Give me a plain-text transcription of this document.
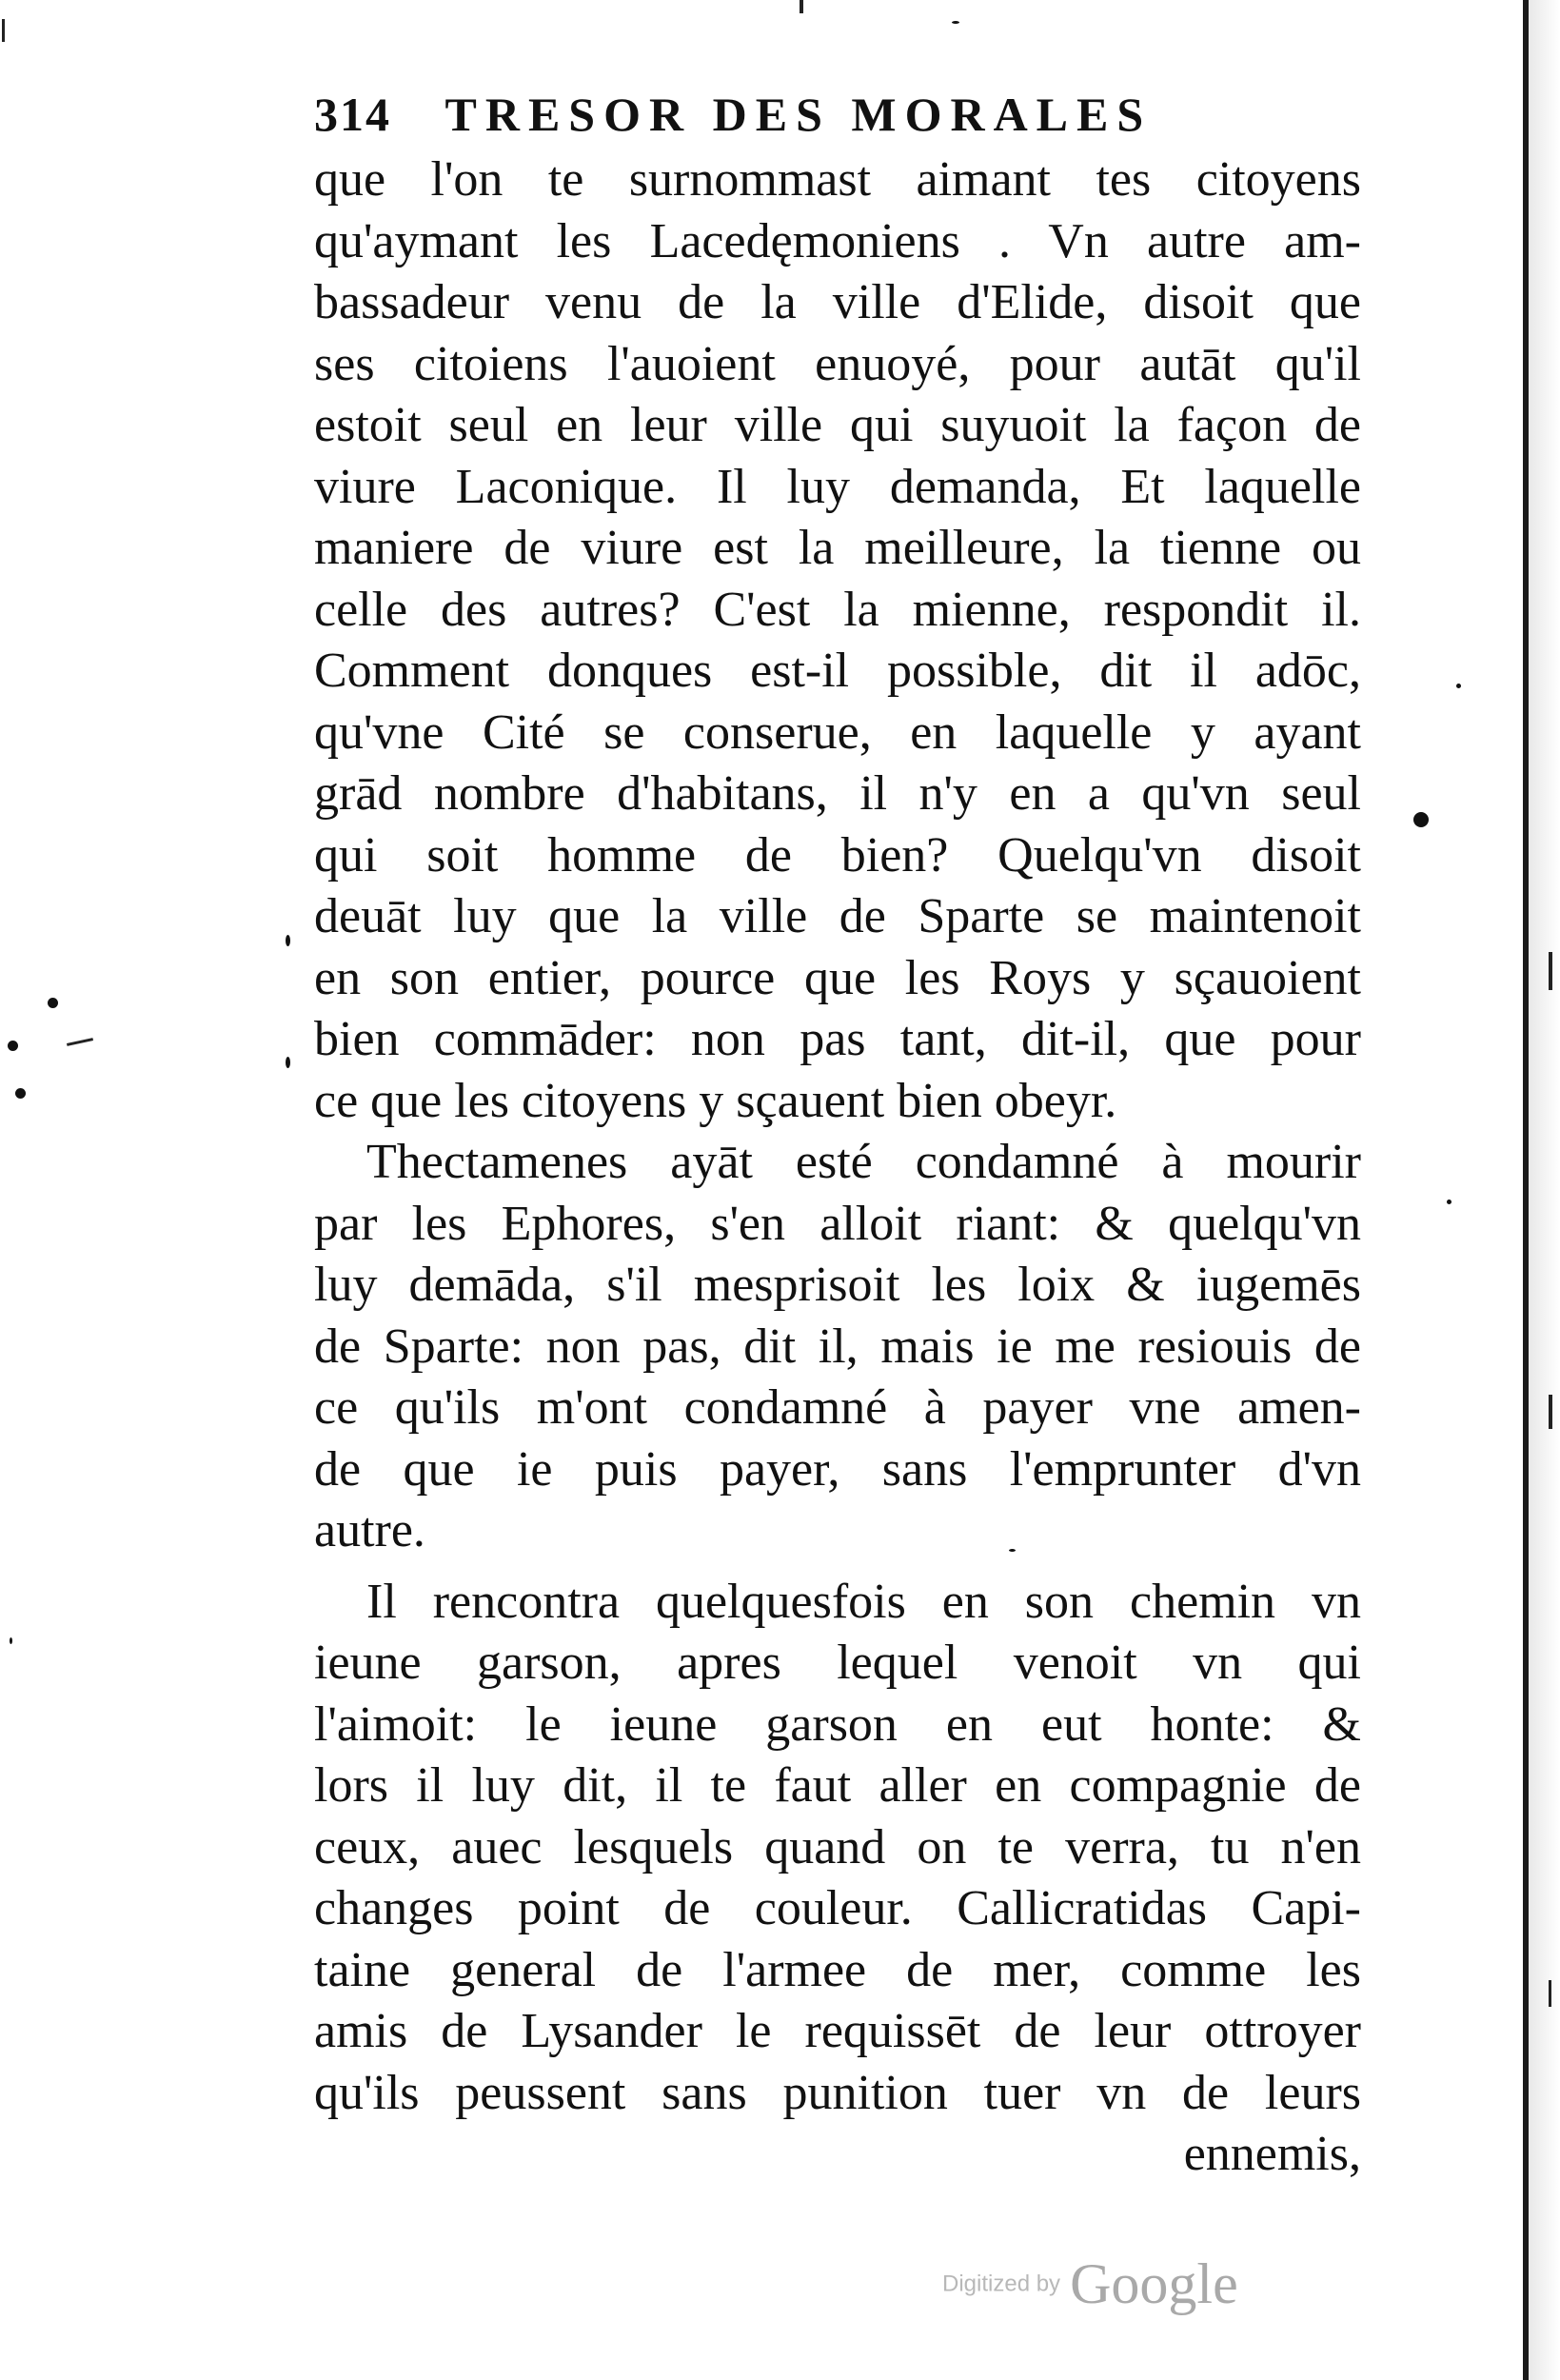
314 TRESOR DES MORALES
que l'on te surnommast aimant tes citoyens
qu'aymant les Lacedęmoniens . Vn autre am-
bassadeur venu de la ville d'Elide, disoit que
ses citoiens l'auoient enuoyé, pour autāt qu'il
estoit seul en leur ville qui suyuoit la façon de
viure Laconique. Il luy demanda, Et laquelle
maniere de viure est la meilleure, la tienne ou
celle des autres? C'est la mienne, respondit il.
Comment donques est-il possible, dit il adōc,
qu'vne Cité se conserue, en laquelle y ayant
grād nombre d'habitans, il n'y en a qu'vn seul
qui soit homme de bien? Quelqu'vn disoit
deuāt luy que la ville de Sparte se maintenoit
en son entier, pource que les Roys y sçauoient
bien commāder: non pas tant, dit-il, que pour
ce que les citoyens y sçauent bien obeyr.
Thectamenes ayāt esté condamné à mourir
par les Ephores, s'en alloit riant: & quelqu'vn
luy demāda, s'il mesprisoit les loix & iugemēs
de Sparte: non pas, dit il, mais ie me resiouis de
ce qu'ils m'ont condamné à payer vne amen-
de que ie puis payer, sans l'emprunter d'vn
autre.
Il rencontra quelquesfois en son chemin vn
ieune garson, apres lequel venoit vn qui
l'aimoit: le ieune garson en eut honte: &
lors il luy dit, il te faut aller en compagnie de
ceux, auec lesquels quand on te verra, tu n'en
changes point de couleur. Callicratidas Capi-
taine general de l'armee de mer, comme les
amis de Lysander le requissēt de leur ottroyer
qu'ils peussent sans punition tuer vn de leurs
ennemis,
Digitized by Google
